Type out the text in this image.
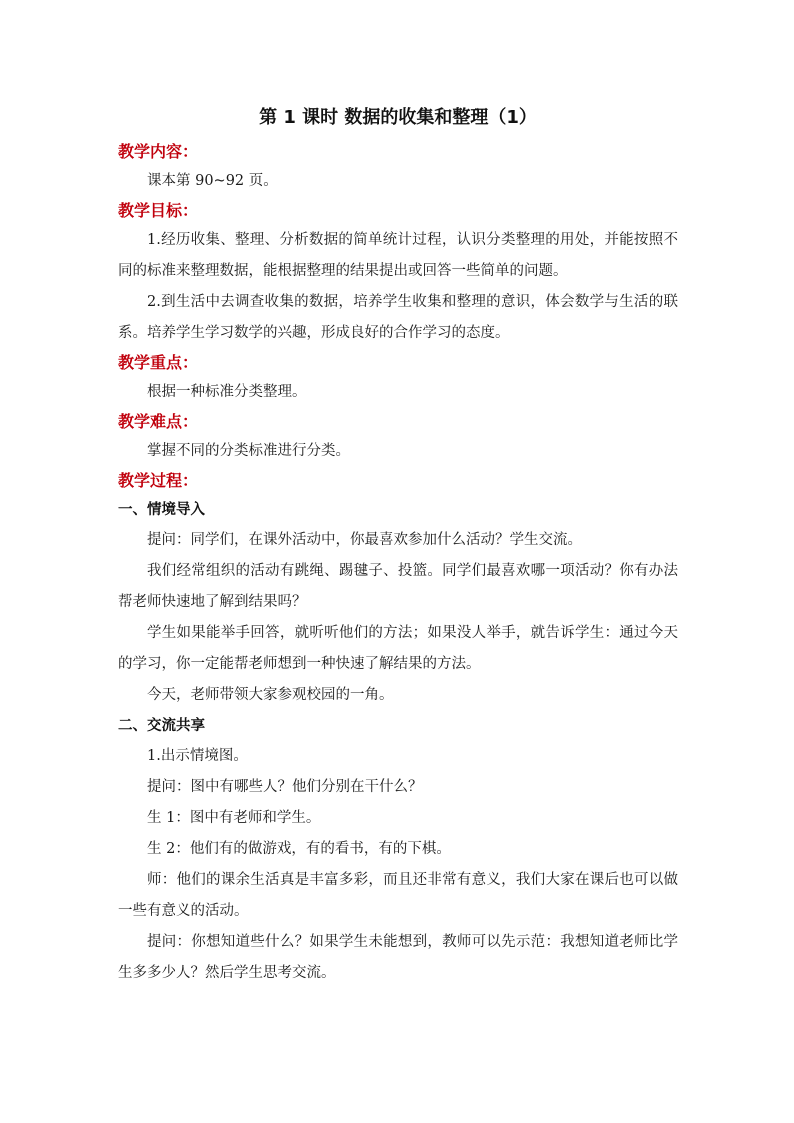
第 1 课时 数据的收集和整理（1）
教学内容：

课本第 90~92 页。

教学目标：

1.经历收集、整理、分析数据的简单统计过程，认识分类整理的用处，并能按照不同的标准来整理数据，能根据整理的结果提出或回答一些简单的问题。

2.到生活中去调查收集的数据，培养学生收集和整理的意识，体会数学与生活的联系。培养学生学习数学的兴趣，形成良好的合作学习的态度。

教学重点：

根据一种标准分类整理。

教学难点：

掌握不同的分类标准进行分类。

教学过程：
一、情境导入

提问：同学们，在课外活动中，你最喜欢参加什么活动？学生交流。

我们经常组织的活动有跳绳、踢毽子、投篮。同学们最喜欢哪一项活动？你有办法帮老师快速地了解到结果吗？

学生如果能举手回答，就听听他们的方法；如果没人举手，就告诉学生：通过今天的学习，你一定能帮老师想到一种快速了解结果的方法。

今天，老师带领大家参观校园的一角。

二、交流共享

1.出示情境图。

提问：图中有哪些人？他们分别在干什么？

生 1：图中有老师和学生。

生 2：他们有的做游戏，有的看书，有的下棋。

师：他们的课余生活真是丰富多彩，而且还非常有意义，我们大家在课后也可以做一些有意义的活动。

提问：你想知道些什么？如果学生未能想到，教师可以先示范：我想知道老师比学生多多少人？然后学生思考交流。
